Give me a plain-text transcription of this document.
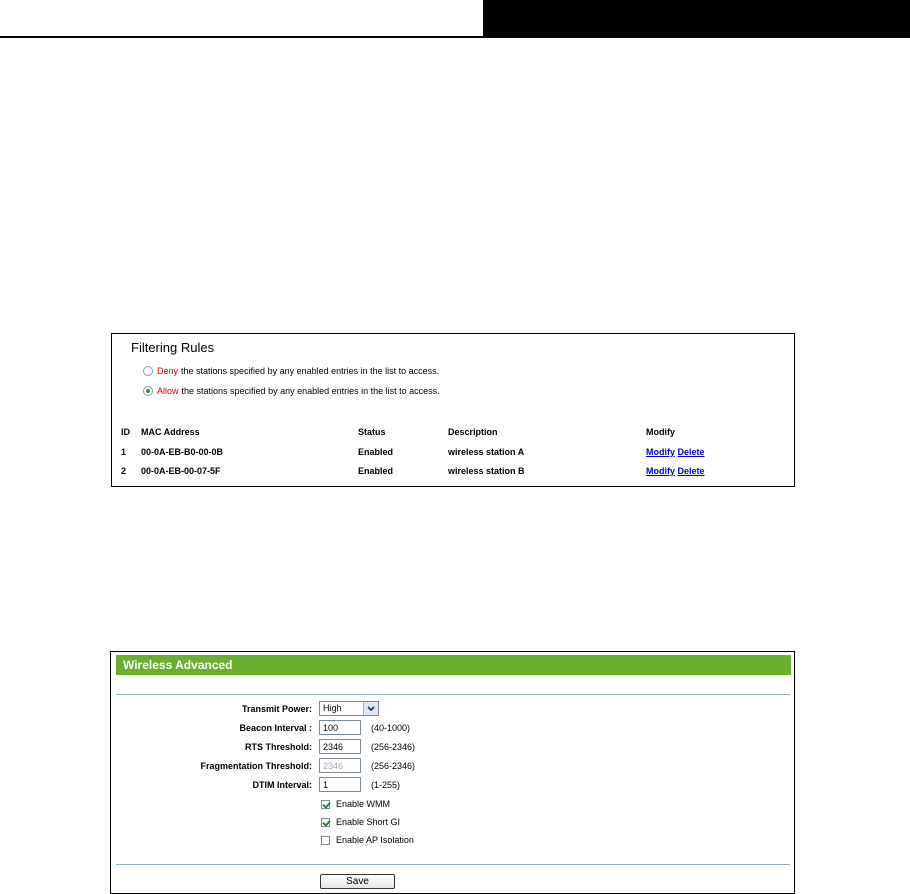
Filtering Rules
Deny the stations specified by any enabled entries in the list to access.
Allow the stations specified by any enabled entries in the list to access.
ID MAC Address	Status	Description	Modify
1 00-0A-EB-B0-00-0B	Enabled	wireless station A	Modify Delete
2 00-0A-EB-00-07-5F	Enabled	wireless station B	Modify Delete
Wireless Advanced
Transmit Power: High
Beacon Interval :
100	(40-1000)
RTS Threshold:
2346	(256-2346)
Fragmentation Threshold:
2346	(256-2346)
DTIM Interval:
1	(1-255)
Enable WMM
Enable Short GI
Enable AP Isolation
Save
